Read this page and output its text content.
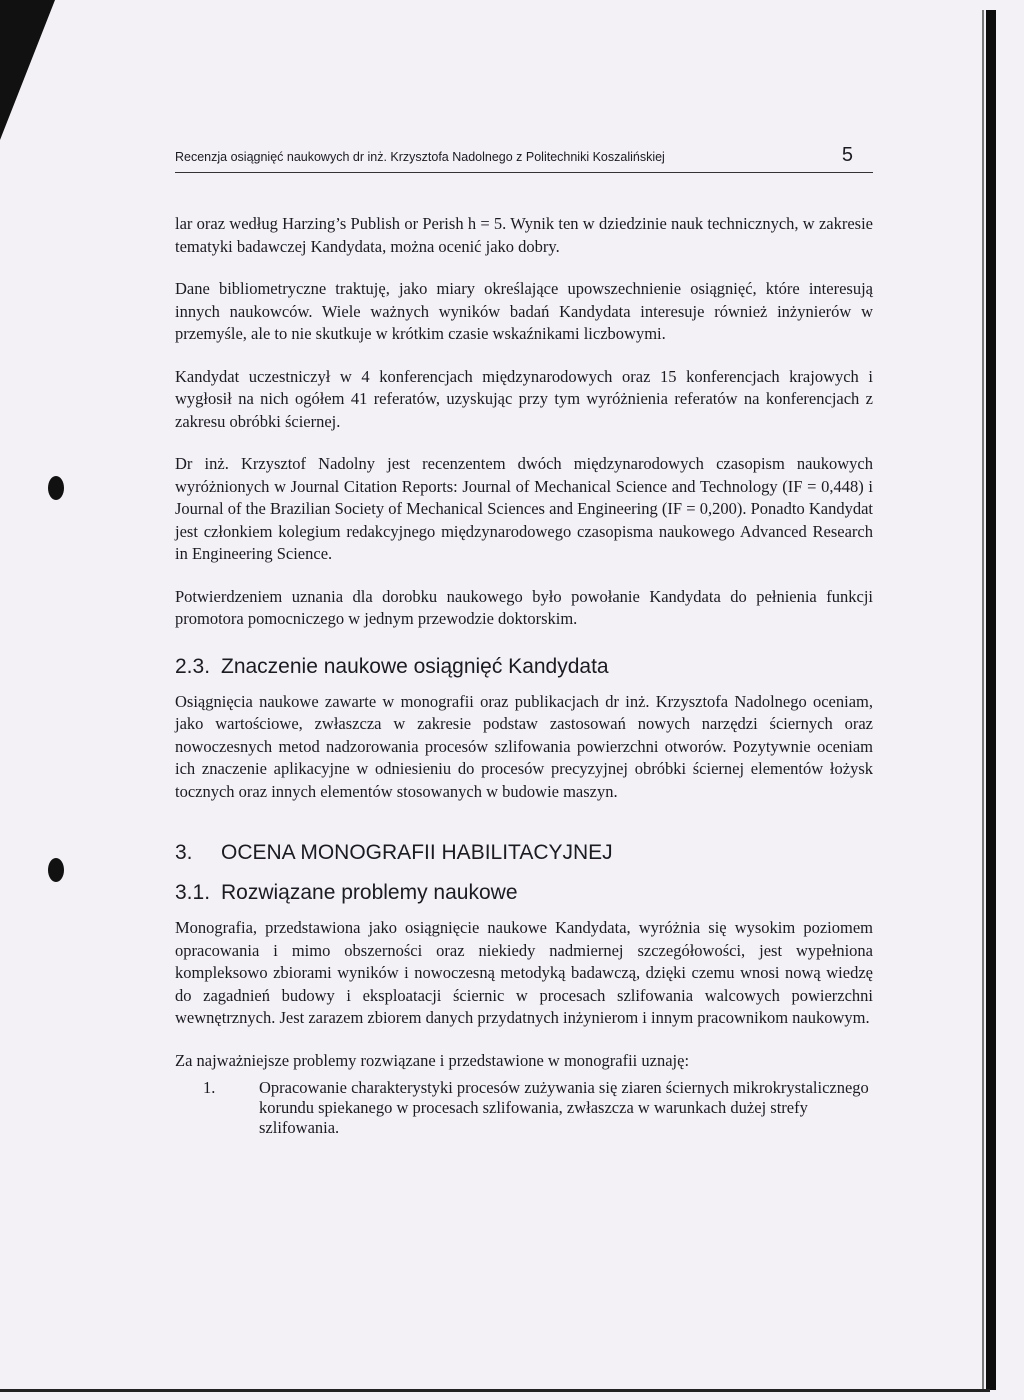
Recenzja osiągnięć naukowych dr inż. Krzysztofa Nadolnego z Politechniki Koszalińskiej	5

lar oraz według Harzing’s Publish or Perish h = 5. Wynik ten w dziedzinie nauk technicznych, w zakresie tematyki badawczej Kandydata, można ocenić jako dobry.

Dane bibliometryczne traktuję, jako miary określające upowszechnienie osiągnięć, które interesują innych naukowców. Wiele ważnych wyników badań Kandydata interesuje również inżynierów w przemyśle, ale to nie skutkuje w krótkim czasie wskaźnikami liczbowymi.

Kandydat uczestniczył w 4 konferencjach międzynarodowych oraz 15 konferencjach krajowych i wygłosił na nich ogółem 41 referatów, uzyskując przy tym wyróżnienia referatów na konferencjach z zakresu obróbki ściernej.

Dr inż. Krzysztof Nadolny jest recenzentem dwóch międzynarodowych czasopism naukowych wyróżnionych w Journal Citation Reports: Journal of Mechanical Science and Technology (IF = 0,448) i Journal of the Brazilian Society of Mechanical Sciences and Engineering (IF = 0,200). Ponadto Kandydat jest członkiem kolegium redakcyjnego międzynarodowego czasopisma naukowego Advanced Research in Engineering Science.

Potwierdzeniem uznania dla dorobku naukowego było powołanie Kandydata do pełnienia funkcji promotora pomocniczego w jednym przewodzie doktorskim.

2.3. Znaczenie naukowe osiągnięć Kandydata

Osiągnięcia naukowe zawarte w monografii oraz publikacjach dr inż. Krzysztofa Nadolnego oceniam, jako wartościowe, zwłaszcza w zakresie podstaw zastosowań nowych narzędzi ściernych oraz nowoczesnych metod nadzorowania procesów szlifowania powierzchni otworów. Pozytywnie oceniam ich znaczenie aplikacyjne w odniesieniu do procesów precyzyjnej obróbki ściernej elementów łożysk tocznych oraz innych elementów stosowanych w budowie maszyn.

3. OCENA MONOGRAFII HABILITACYJNEJ
3.1. Rozwiązane problemy naukowe

Monografia, przedstawiona jako osiągnięcie naukowe Kandydata, wyróżnia się wysokim poziomem opracowania i mimo obszerności oraz niekiedy nadmiernej szczegółowości, jest wypełniona kompleksowo zbiorami wyników i nowoczesną metodyką badawczą, dzięki czemu wnosi nową wiedzę do zagadnień budowy i eksploatacji ściernic w procesach szlifowania walcowych powierzchni wewnętrznych. Jest zarazem zbiorem danych przydatnych inżynierom i innym pracownikom naukowym.

Za najważniejsze problemy rozwiązane i przedstawione w monografii uznaję:

1.	Opracowanie charakterystyki procesów zużywania się ziaren ściernych mikrokrystalicznego korundu spiekanego w procesach szlifowania, zwłaszcza w warunkach dużej strefy szlifowania.
